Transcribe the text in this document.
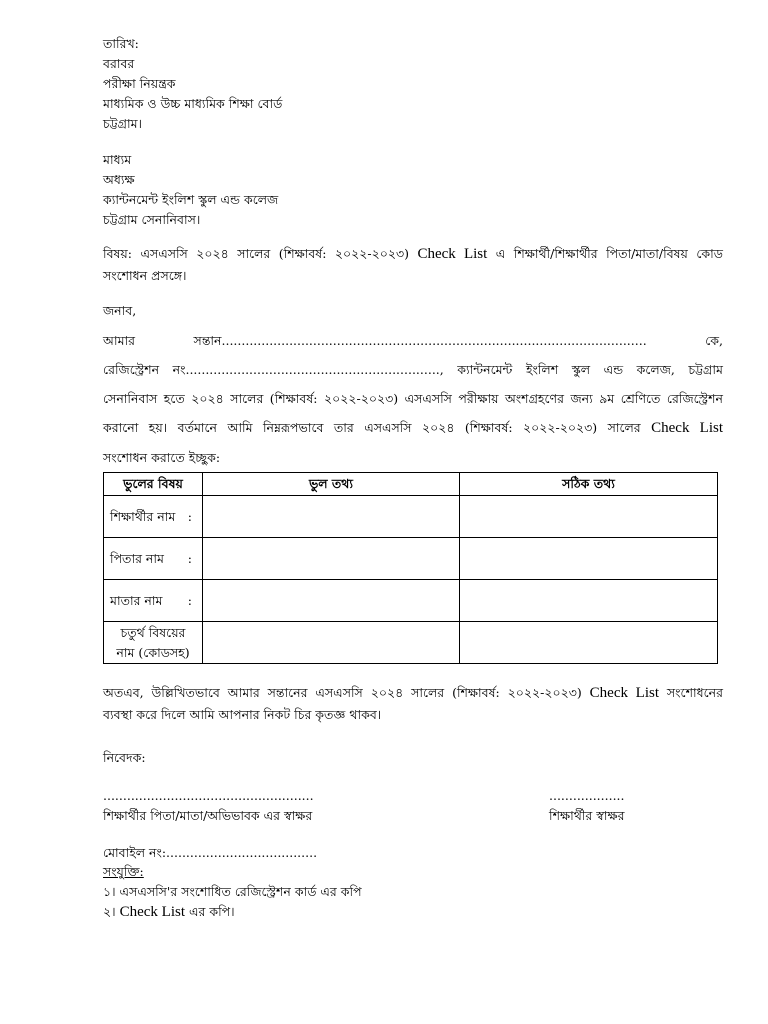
তারিখ:
বরাবর
পরীক্ষা নিয়ন্ত্রক
মাধ্যমিক ও উচ্চ মাধ্যমিক শিক্ষা বোর্ড
চট্টগ্রাম।
মাধ্যম
অধ্যক্ষ
ক্যান্টনমেন্ট ইংলিশ স্কুল এন্ড কলেজ
চট্টগ্রাম সেনানিবাস।
বিষয়: এসএসসি ২০২৪ সালের (শিক্ষাবর্ষ: ২০২২-২০২৩) Check List এ শিক্ষার্থী/শিক্ষার্থীর পিতা/মাতা/বিষয় কোড
সংশোধন প্রসঙ্গে।
জনাব,
আমার সন্তান........................................................................................................... কে,
রেজিস্ট্রেশন নং................................................................, ক্যান্টনমেন্ট ইংলিশ স্কুল এন্ড কলেজ, চট্টগ্রাম
সেনানিবাস হতে ২০২৪ সালের (শিক্ষাবর্ষ: ২০২২-২০২৩) এসএসসি পরীক্ষায় অংশগ্রহণের জন্য ৯ম শ্রেণিতে রেজিস্ট্রেশন
করানো হয়। বর্তমানে আমি নিম্নরূপভাবে তার এসএসসি ২০২৪ (শিক্ষাবর্ষ: ২০২২-২০২৩) সালের Check List
সংশোধন করাতে ইচ্ছুক:
ভুলের বিষয়	ভুল তথ্য	সঠিক তথ্য

শিক্ষার্থীর নাম :		

পিতার নাম :		

মাতার নাম :		

চতুর্থ বিষয়ের
নাম (কোডসহ)		

অতএব, উল্লিখিতভাবে আমার সন্তানের এসএসসি ২০২৪ সালের (শিক্ষাবর্ষ: ২০২২-২০২৩) Check List সংশোধনের
ব্যবস্থা করে দিলে আমি আপনার নিকট চির কৃতজ্ঞ থাকব।
নিবেদক:
.....................................................
শিক্ষার্থীর পিতা/মাতা/অভিভাবক এর স্বাক্ষর
...................
শিক্ষার্থীর স্বাক্ষর
মোবাইল নং:......................................
সংযুক্তি:
১। এসএসসি'র সংশোধিত রেজিস্ট্রেশন কার্ড এর কপি
২। Check List এর কপি।
